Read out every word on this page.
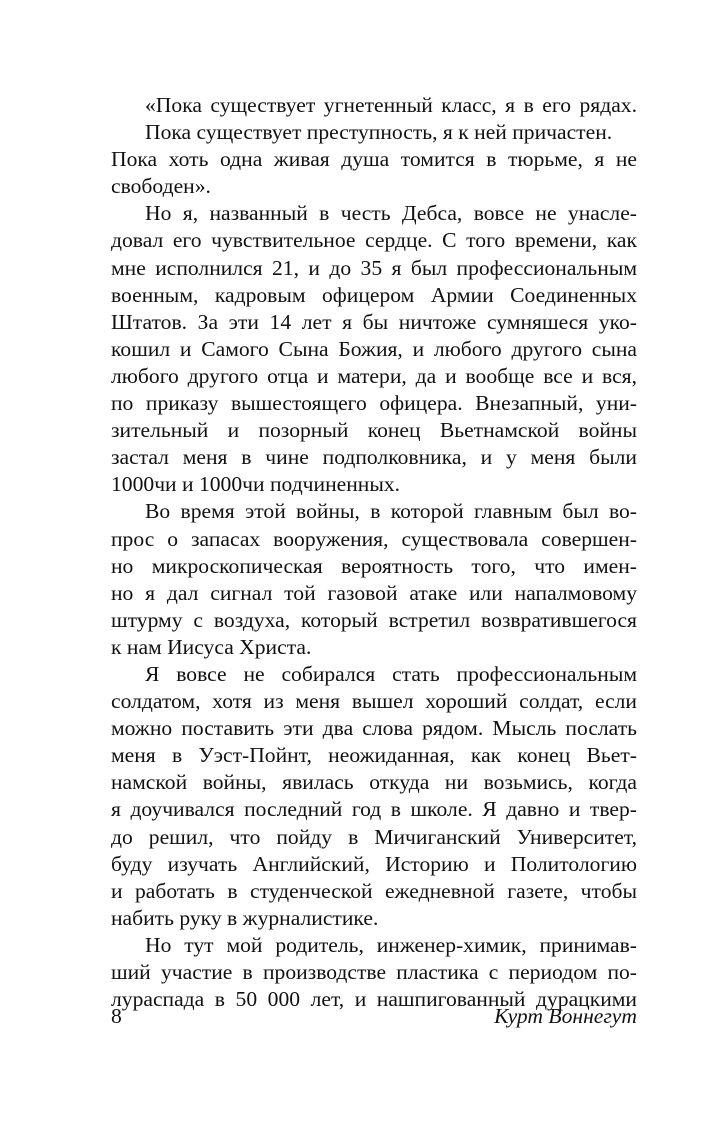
«Пока существует угнетенный класс, я в его рядах.
Пока существует преступность, я к ней причастен.
Пока хоть одна живая душа томится в тюрьме, я не
свободен».
Но я, названный в честь Дебса, вовсе не унасле-
довал его чувствительное сердце. С того времени, как
мне исполнился 21, и до 35 я был профессиональным
военным, кадровым офицером Армии Соединенных
Штатов. За эти 14 лет я бы ничтоже сумняшеся уко-
кошил и Самого Сына Божия, и любого другого сына
любого другого отца и матери, да и вообще все и вся,
по приказу вышестоящего офицера. Внезапный, уни-
зительный и позорный конец Вьетнамской войны
застал меня в чине подполковника, и у меня были
1000чи и 1000чи подчиненных.
Во время этой войны, в которой главным был во-
прос о запасах вооружения, существовала совершен-
но микроскопическая вероятность того, что имен-
но я дал сигнал той газовой атаке или напалмовому
штурму с воздуха, который встретил возвратившегося
к нам Иисуса Христа.
Я вовсе не собирался стать профессиональным
солдатом, хотя из меня вышел хороший солдат, если
можно поставить эти два слова рядом. Мысль послать
меня в Уэст-Пойнт, неожиданная, как конец Вьет-
намской войны, явилась откуда ни возьмись, когда
я доучивался последний год в школе. Я давно и твер-
до решил, что пойду в Мичиганский Университет,
буду изучать Английский, Историю и Политологию
и работать в студенческой ежедневной газете, чтобы
набить руку в журналистике.
Но тут мой родитель, инженер-химик, принимав-
ший участие в производстве пластика с периодом по-
лураспада в 50 000 лет, и нашпигованный дурацкими
8	Курт Воннегут
